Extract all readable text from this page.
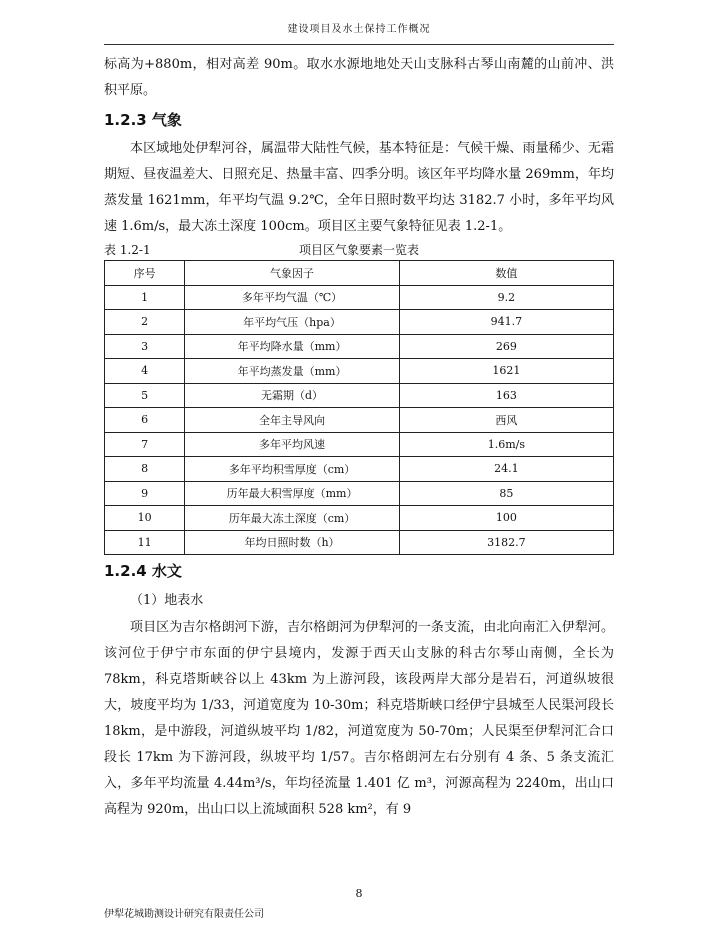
建设项目及水土保持工作概况

标高为+880m，相对高差 90m。取水水源地地处天山支脉科古琴山南麓的山前冲、洪积平原。

1.2.3 气象

本区域地处伊犁河谷，属温带大陆性气候，基本特征是：气候干燥、雨量稀少、无霜期短、昼夜温差大、日照充足、热量丰富、四季分明。该区年平均降水量 269mm，年均蒸发量 1621mm，年平均气温 9.2℃，全年日照时数平均达 3182.7 小时，多年平均风速 1.6m/s，最大冻土深度 100cm。项目区主要气象特征见表 1.2-1。

表 1.2-1	项目区气象要素一览表
序号	气象因子	数值
1	多年平均气温（℃）	9.2
2	年平均气压（hpa）	941.7
3	年平均降水量（mm）	269
4	年平均蒸发量（mm）	1621
5	无霜期（d）	163
6	全年主导风向	西风
7	多年平均风速	1.6m/s
8	多年平均积雪厚度（cm）	24.1
9	历年最大积雪厚度（mm）	85
10	历年最大冻土深度（cm）	100
11	年均日照时数（h）	3182.7
1.2.4 水文

（1）地表水

项目区为吉尔格朗河下游，吉尔格朗河为伊犁河的一条支流，由北向南汇入伊犁河。该河位于伊宁市东面的伊宁县境内，发源于西天山支脉的科古尔琴山南侧，全长为 78km，科克塔斯峡谷以上 43km 为上游河段，该段两岸大部分是岩石，河道纵坡很大，坡度平均为 1/33，河道宽度为 10-30m；科克塔斯峡口经伊宁县城至人民渠河段长 18km，是中游段，河道纵坡平均 1/82，河道宽度为 50-70m；人民渠至伊犁河汇合口段长 17km 为下游河段，纵坡平均 1/57。吉尔格朗河左右分别有 4 条、5 条支流汇入，多年平均流量 4.44m³/s，年均径流量 1.401 亿 m³，河源高程为 2240m，出山口高程为 920m，出山口以上流域面积 528 km²，有 9

8
伊犁花城勘测设计研究有限责任公司
